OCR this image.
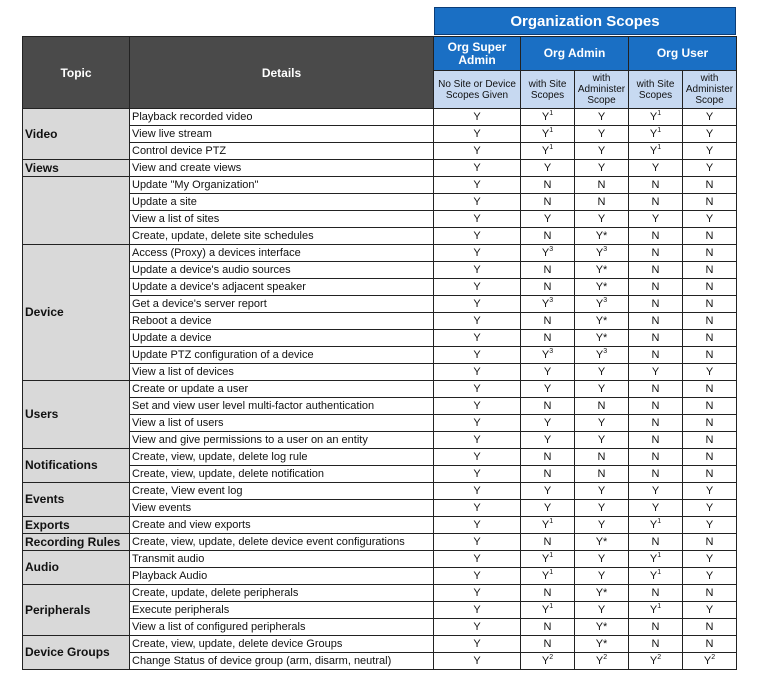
Organization Scopes
Topic	Details	Org Super Admin	Org Admin		Org User	
		No Site or Device Scopes Given	with Site Scopes	with Administer Scope	with Site Scopes	with Administer Scope
Video	Playback recorded video	Y	$Y^1$	Y	$Y^1$	Y
	View live stream	Y	$Y^1$	Y	$Y^1$	Y
	Control device PTZ	Y	$Y^1$	Y	$Y^1$	Y
Views	View and create views	Y	Y	Y	Y	Y
	Update "My Organization"	Y	N	N	N	N
	Update a site	Y	N	N	N	N
	View a list of sites	Y	Y	Y	Y	Y
	Create, update, delete site schedules	Y	N	Y*	N	N
Device	Access (Proxy) a devices interface	Y	$Y^3$	$Y^3$	N	N
	Update a device's audio sources	Y	N	Y*	N	N
	Update a device's adjacent speaker	Y	N	Y*	N	N
	Get a device's server report	Y	$Y^3$	$Y^3$	N	N
	Reboot a device	Y	N	Y*	N	N
	Update a device	Y	N	Y*	N	N
	Update PTZ configuration of a device	Y	$Y^3$	$Y^3$	N	N
	View a list of devices	Y	Y	Y	Y	Y
Users	Create or update a user	Y	Y	Y	N	N
	Set and view user level multi-factor authentication	Y	N	N	N	N
	View a list of users	Y	Y	Y	N	N
	View and give permissions to a user on an entity	Y	Y	Y	N	N
Notifications	Create, view, update, delete log rule	Y	N	N	N	N
	Create, view, update, delete notification	Y	N	N	N	N
Events	Create, View event log	Y	Y	Y	Y	Y
	View events	Y	Y	Y	Y	Y
Exports	Create and view exports	Y	$Y^1$	Y	$Y^1$	Y
Recording Rules	Create, view, update, delete device event configurations	Y	N	Y*	N	N
Audio	Transmit audio	Y	$Y^1$	Y	$Y^1$	Y
	Playback Audio	Y	$Y^1$	Y	$Y^1$	Y
Peripherals	Create, update, delete peripherals	Y	N	Y*	N	N
	Execute peripherals	Y	$Y^1$	Y	$Y^1$	Y
	View a list of configured peripherals	Y	N	Y*	N	N
Device Groups	Create, view, update, delete device Groups	Y	N	Y*	N	N
	Change Status of device group (arm, disarm, neutral)	Y	$Y^2$	$Y^2$	$Y^2$	$Y^2$
